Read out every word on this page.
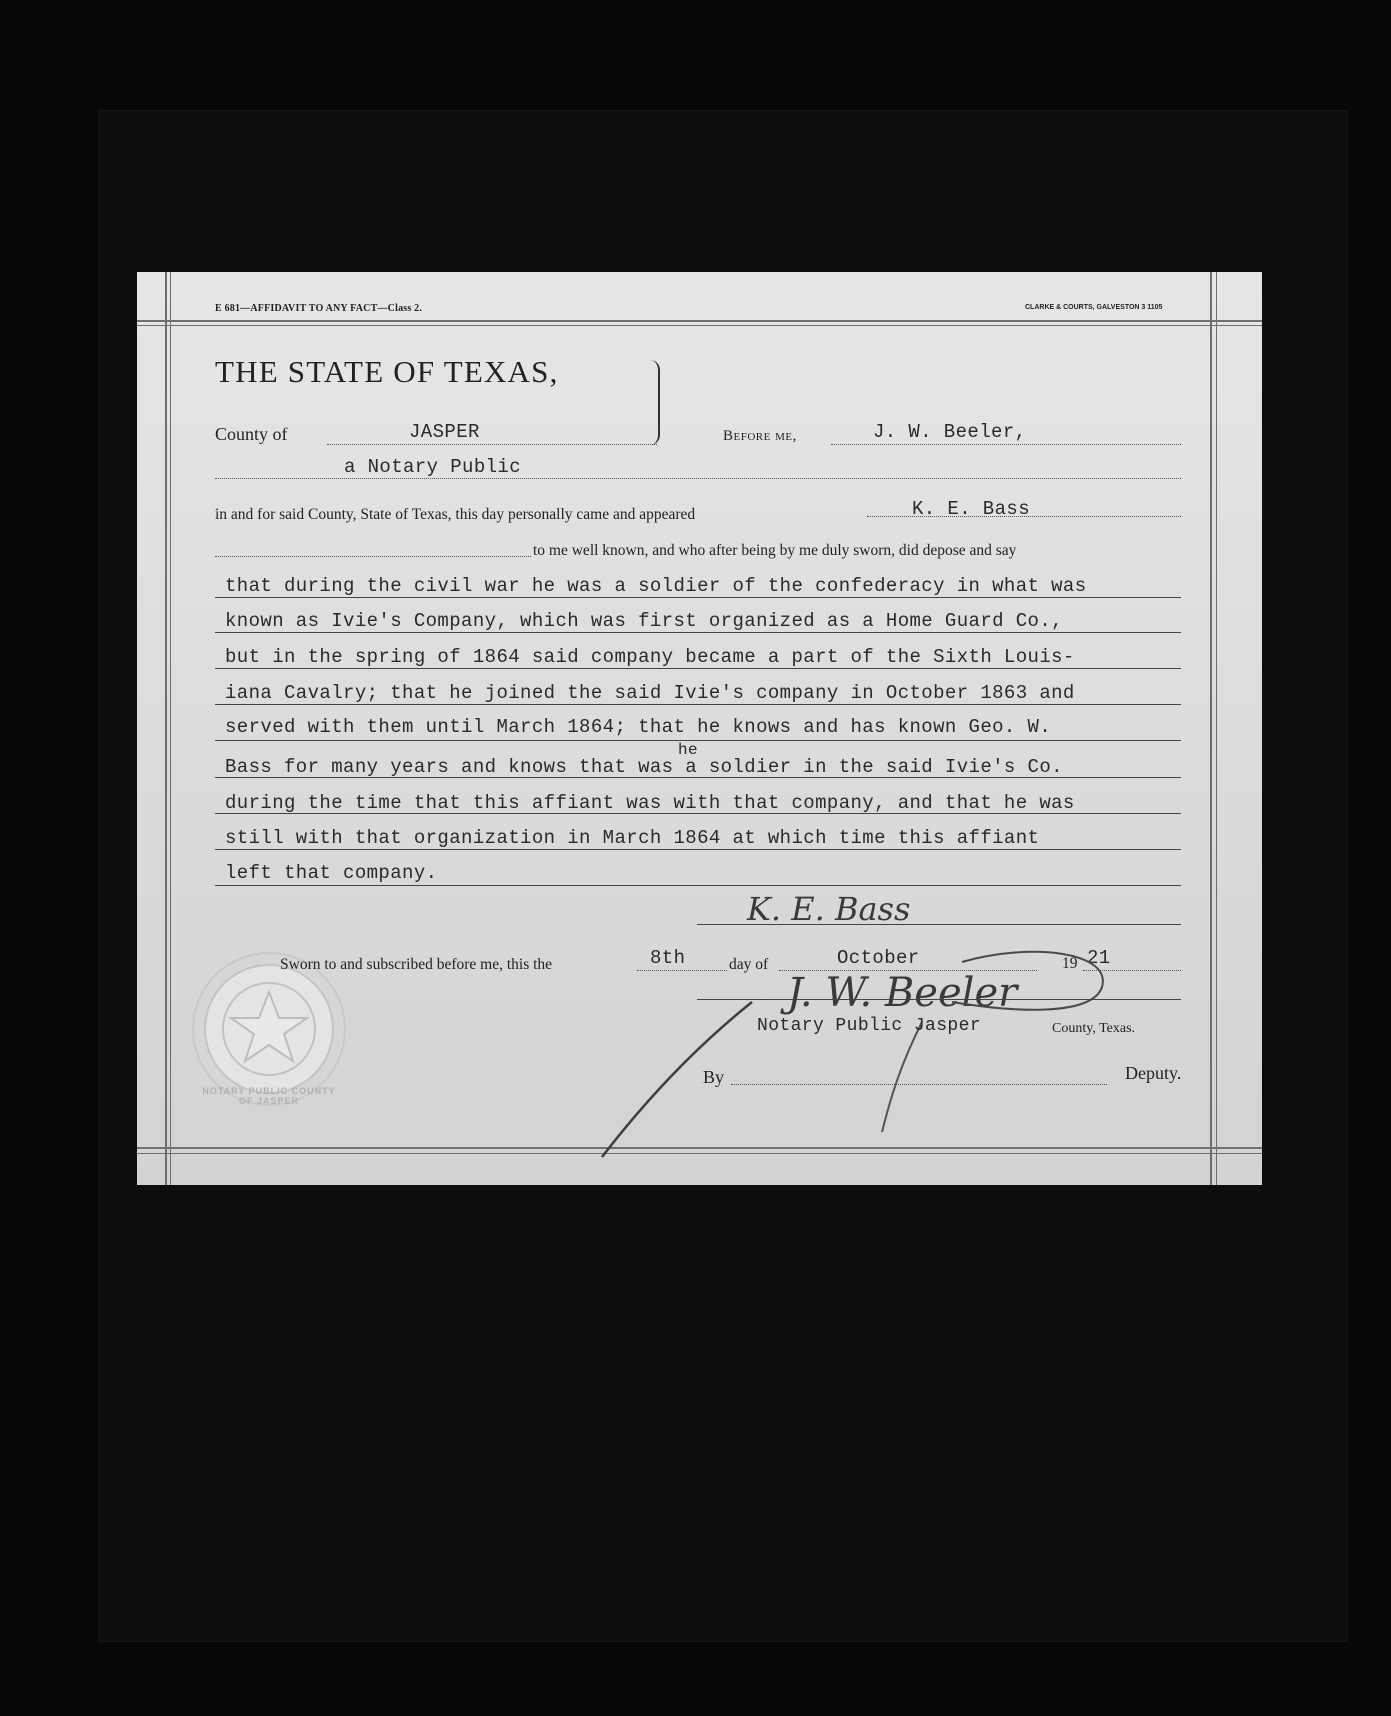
E 681—AFFIDAVIT TO ANY FACT—Class 2.	CLARKE & COURTS, GALVESTON 3 1105
THE STATE OF TEXAS,
County of	JASPER	Before me,	J. W. Beeler,
a Notary Public
in and for said County, State of Texas, this day personally came and appeared	K. E. Bass
to me well known, and who after being by me duly sworn, did depose and say
that during the civil war he was a soldier of the confederacy in what was
known as Ivie's Company, which was first organized as a Home Guard Co.,
but in the spring of 1864 said company became a part of the Sixth Louis-
iana Cavalry; that he joined the said Ivie's company in October 1863 and
served with them until March 1864; that he knows and has known Geo. W.
he
Bass for many years and knows that was a soldier in the said Ivie's Co.
during the time that this affiant was with that company, and that he was
still with that organization in March 1864 at which time this affiant
left that company.
K. E. Bass
NOTARY PUBLIC COUNTY OF JASPER
Sworn to and subscribed before me, this the	8th	day of	October	19 21
J. W. Beeler
Notary Public Jasper	County, Texas.
By	Deputy.
